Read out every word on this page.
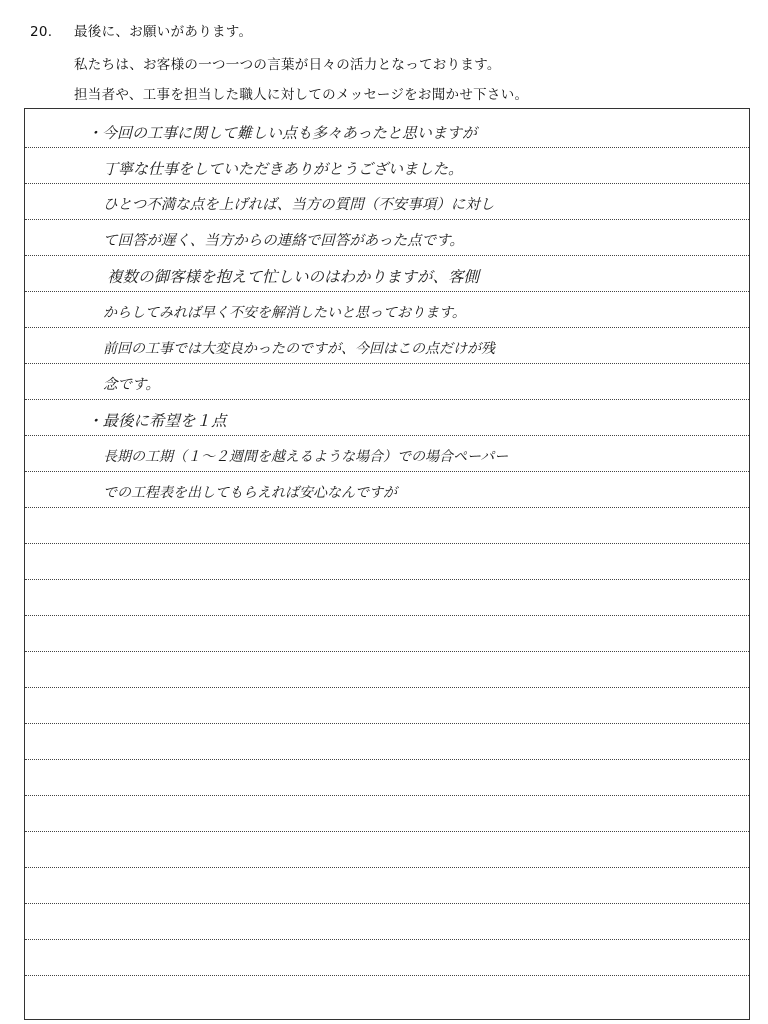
20. 最後に、お願いがあります。
私たちは、お客様の一つ一つの言葉が日々の活力となっております。
担当者や、工事を担当した職人に対してのメッセージをお聞かせ下さい。
・今回の工事に関して難しい点も多々あったと思いますが
丁寧な仕事をしていただきありがとうございました。
ひとつ不満な点を上げれば、当方の質問（不安事項）に対し
て回答が遅く、当方からの連絡で回答があった点です。
複数の御客様を抱えて忙しいのはわかりますが、客側
からしてみれば早く不安を解消したいと思っております。
前回の工事では大変良かったのですが、今回はこの点だけが残
念です。
・最後に希望を１点
長期の工期（１〜２週間を越えるような場合）での場合ペーパー
での工程表を出してもらえれば安心なんですが
